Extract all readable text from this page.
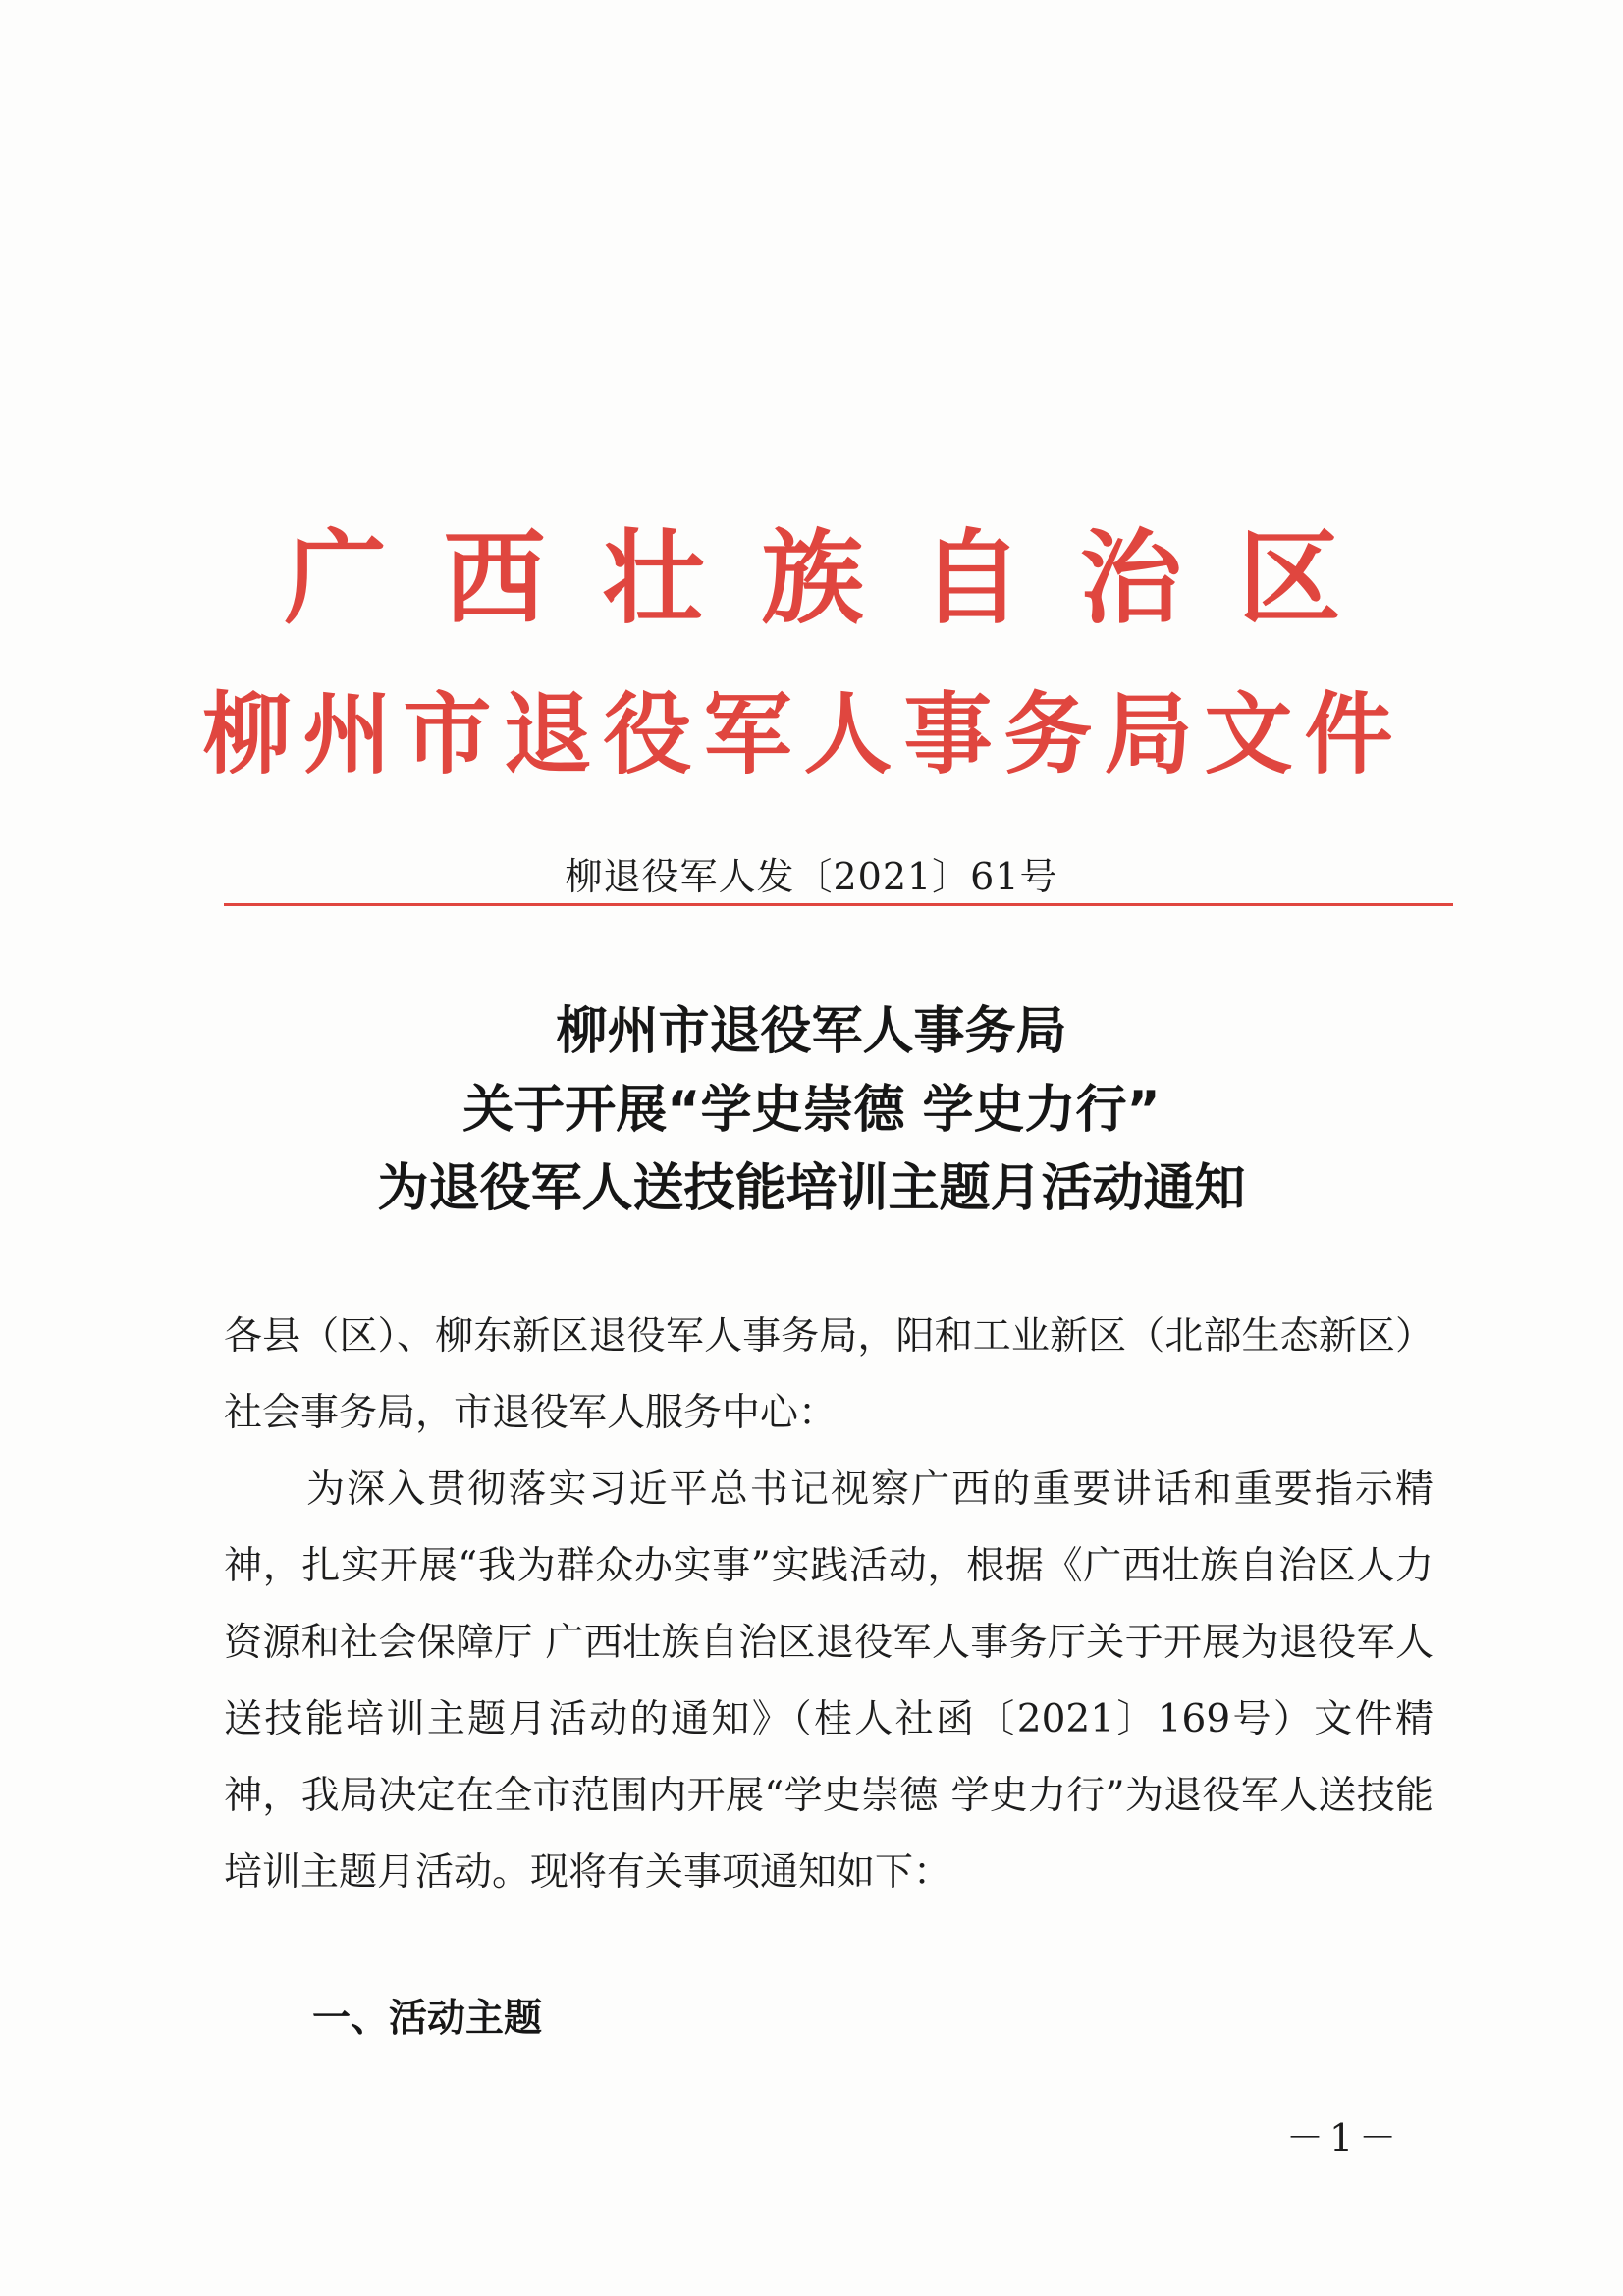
广西壮族自治区
柳州市退役军人事务局文件
柳退役军人发〔2021〕61号
柳州市退役军人事务局
关于开展“学史崇德 学史力行”
为退役军人送技能培训主题月活动通知
各县（区）、柳东新区退役军人事务局，阳和工业新区（北部生态新区）社会事务局，市退役军人服务中心：
为深入贯彻落实习近平总书记视察广西的重要讲话和重要指示精神，扎实开展“我为群众办实事”实践活动，根据《广西壮族自治区人力资源和社会保障厅 广西壮族自治区退役军人事务厅关于开展为退役军人送技能培训主题月活动的通知》（桂人社函〔2021〕169号）文件精神，我局决定在全市范围内开展“学史崇德 学史力行”为退役军人送技能培训主题月活动。现将有关事项通知如下：
一、活动主题
－1－
